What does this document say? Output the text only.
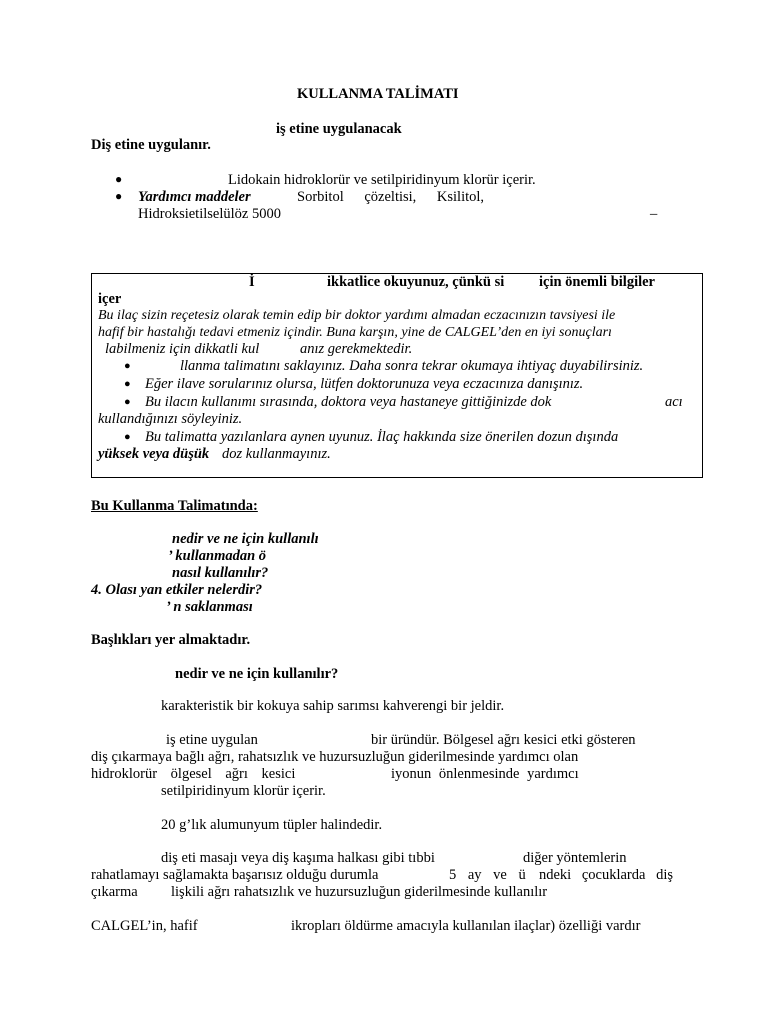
KULLANMA TALİMATI
iş etine uygulanacak
Diş etine uygulanır.
●	Lidokain hidroklorür ve setilpiridinyum klorür içerir.
● Yardımcı maddeler	Sorbitol çözeltisi, Ksilitol,
Hidroksietilselülöz 5000	–
İ	ikkatlice okuyunuz, çünkü si için önemli bilgiler
içer
Bu ilaç sizin reçetesiz olarak temin edip bir doktor yardımı almadan eczacınızın tavsiyesi ile
hafif bir hastalığı tedavi etmeniz içindir. Buna karşın, yine de CALGEL’den en iyi sonuçları
labilmeniz için dikkatli kul	anız gerekmektedir.
●	llanma talimatını saklayınız. Daha sonra tekrar okumaya ihtiyaç duyabilirsiniz.
● Eğer ilave sorularınız olursa, lütfen doktorunuza veya eczacınıza danışınız.
● Bu ilacın kullanımı sırasında, doktora veya hastaneye gittiğinizde dok	acı
kullandığınızı söyleyiniz.
● Bu talimatta yazılanlara aynen uyunuz. İlaç hakkında size önerilen dozun dışında
yüksek veya düşük doz kullanmayınız.
Bu Kullanma Talimatında:
nedir ve ne için kullanılı
’ kullanmadan ö
nasıl kullanılır?
4. Olası yan etkiler nelerdir?
’ n saklanması
Başlıkları yer almaktadır.
nedir ve ne için kullanılır?
karakteristik bir kokuya sahip sarımsı kahverengi bir jeldir.
iş etine uygulan	bir üründür. Bölgesel ağrı kesici etki gösteren
diş çıkarmaya bağlı ağrı, rahatsızlık ve huzursuzluğun giderilmesinde yardımcı olan
hidroklorür ölgesel ağrı kesici	iyonun önlenmesinde yardımcı
setilpiridinyum klorür içerir.
20 g’lık alumunyum tüpler halindedir.
diş eti masajı veya diş kaşıma halkası gibi tıbbi	diğer yöntemlerin
rahatlamayı sağlamakta başarısız olduğu durumla	5 ay ve ü ndeki çocuklarda diş
çıkarma lişkili ağrı rahatsızlık ve huzursuzluğun giderilmesinde kullanılır
CALGEL’in, hafif	ikropları öldürme amacıyla kullanılan ilaçlar) özelliği vardır
